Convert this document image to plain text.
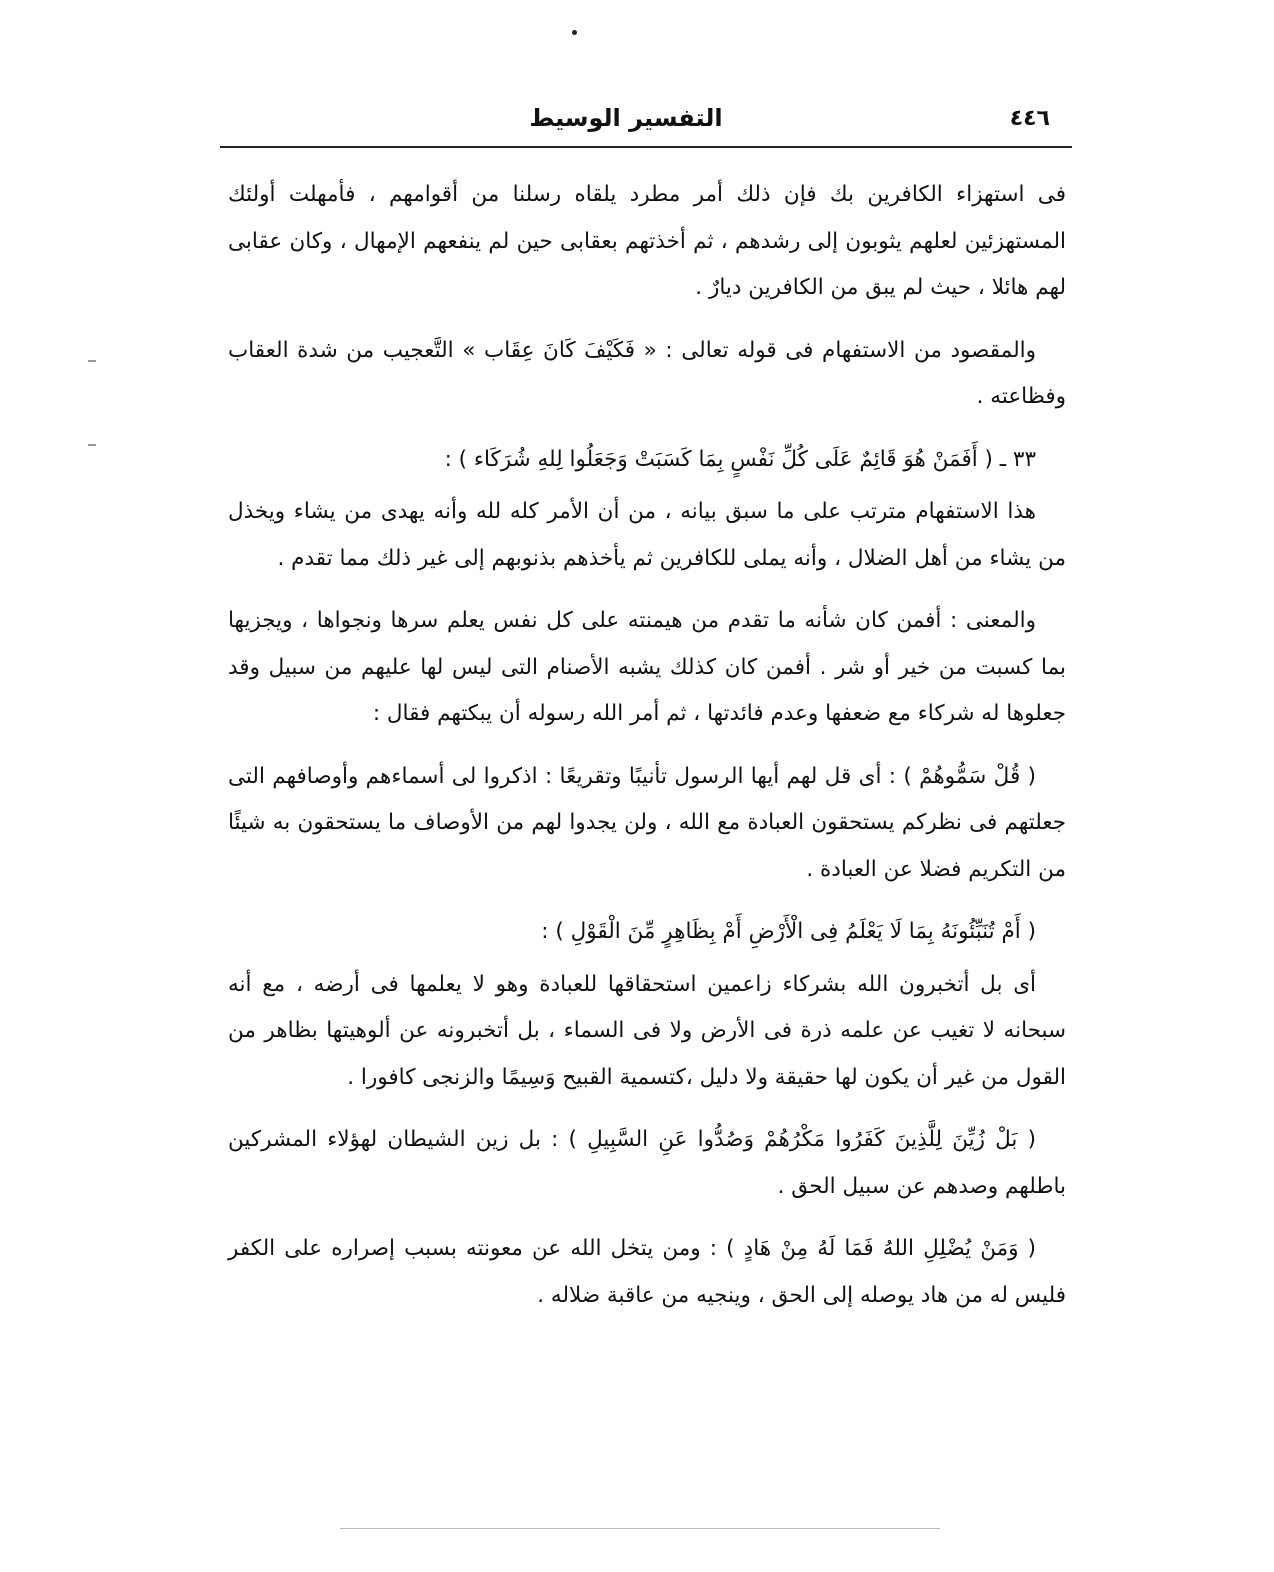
٤٤٦
التفسير الوسيط

فى استهزاء الكافرين بك فإن ذلك أمر مطرد يلقاه رسلنا من أقوامهم ، فأمهلت أولئك المستهزئين لعلهم يثوبون إلى رشدهم ، ثم أخذتهم بعقابى حين لم ينفعهم الإمهال ، وكان عقابى لهم هائلا ، حيث لم يبق من الكافرين ديارٌ .

والمقصود من الاستفهام فى قوله تعالى : « فَكَيْفَ كَانَ عِقَاب » التَّعجيب من شدة العقاب وفظاعته .

٣٣ ـ ( أَفَمَنْ هُوَ قَائِمٌ عَلَى كُلِّ نَفْسٍ بِمَا كَسَبَتْ وَجَعَلُوا لِلهِ شُرَكَاء ) :

هذا الاستفهام مترتب على ما سبق بيانه ، من أن الأمر كله لله وأنه يهدى من يشاء ويخذل من يشاء من أهل الضلال ، وأنه يملى للكافرين ثم يأخذهم بذنوبهم إلى غير ذلك مما تقدم .

والمعنى : أفمن كان شأنه ما تقدم من هيمنته على كل نفس يعلم سرها ونجواها ، ويجزيها بما كسبت من خير أو شر . أفمن كان كذلك يشبه الأصنام التى ليس لها عليهم من سبيل وقد جعلوها له شركاء مع ضعفها وعدم فائدتها ، ثم أمر الله رسوله أن يبكتهم فقال :

( قُلْ سَمُّوهُمْ ) : أى قل لهم أيها الرسول تأنيبًا وتقريعًا : اذكروا لى أسماءهم وأوصافهم التى جعلتهم فى نظركم يستحقون العبادة مع الله ، ولن يجدوا لهم من الأوصاف ما يستحقون به شيئًا من التكريم فضلا عن العبادة .

( أَمْ تُنَبِّئُونَهُ بِمَا لَا يَعْلَمُ فِى الْأَرْضِ أَمْ بِظَاهِرٍ مِّنَ الْقَوْلِ ) :

أى بل أتخبرون الله بشركاء زاعمين استحقاقها للعبادة وهو لا يعلمها فى أرضه ، مع أنه سبحانه لا تغيب عن علمه ذرة فى الأرض ولا فى السماء ، بل أتخبرونه عن ألوهيتها بظاهر من القول من غير أن يكون لها حقيقة ولا دليل ،كتسمية القبيح وَسِيمًا والزنجى كافورا .

( بَلْ زُيِّنَ لِلَّذِينَ كَفَرُوا مَكْرُهُمْ وَصُدُّوا عَنِ السَّبِيلِ ) : بل زين الشيطان لهؤلاء المشركين باطلهم وصدهم عن سبيل الحق .

( وَمَنْ يُضْلِلِ اللهُ فَمَا لَهُ مِنْ هَادٍ ) : ومن يتخل الله عن معونته بسبب إصراره على الكفر فليس له من هاد يوصله إلى الحق ، وينجيه من عاقبة ضلاله .
